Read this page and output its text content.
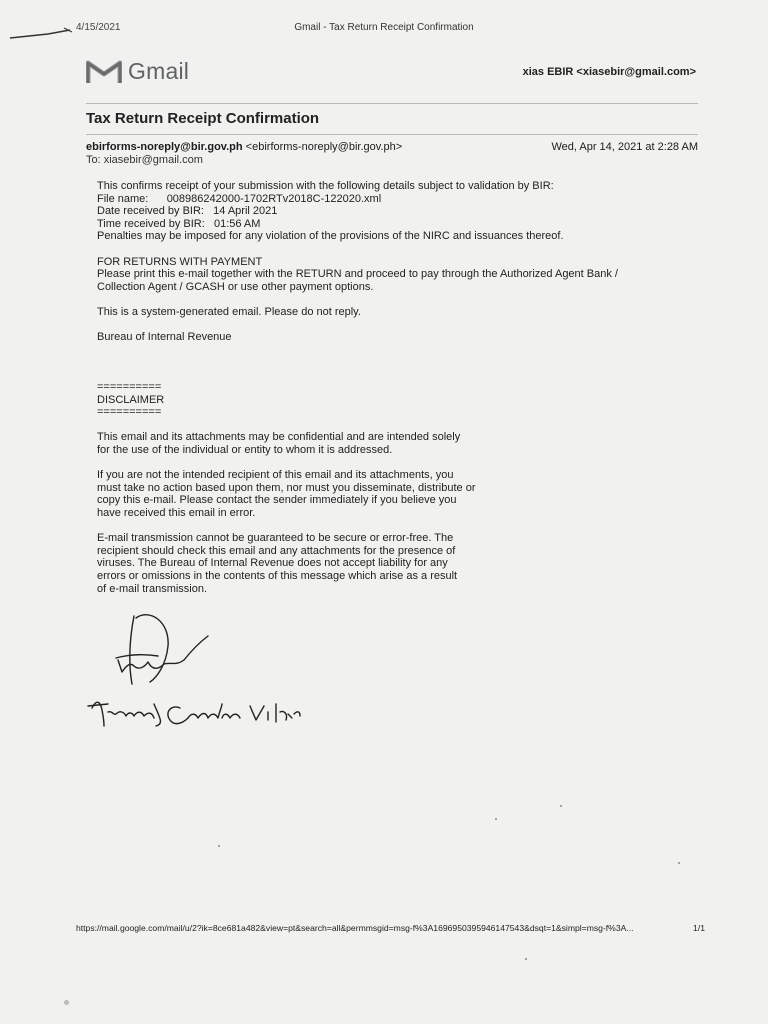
4/15/2021	Gmail - Tax Return Receipt Confirmation
Gmail	xias EBIR <xiasebir@gmail.com>
Tax Return Receipt Confirmation
ebirforms-noreply@bir.gov.ph <ebirforms-noreply@bir.gov.ph>
To: xiasebir@gmail.com
Wed, Apr 14, 2021 at 2:28 AM

This confirms receipt of your submission with the following details subject to validation by BIR:

File name:      008986242000-1702RTv2018C-122020.xml

Date received by BIR:   14 April 2021

Time received by BIR:   01:56 AM

Penalties may be imposed for any violation of the provisions of the NIRC and issuances thereof.

FOR RETURNS WITH PAYMENT

Please print this e-mail together with the RETURN and proceed to pay through the Authorized Agent Bank /

Collection Agent / GCASH or use other payment options.

This is a system-generated email. Please do not reply.

Bureau of Internal Revenue

==========

DISCLAIMER

==========

This email and its attachments may be confidential and are intended solely

for the use of the individual or entity to whom it is addressed.

If you are not the intended recipient of this email and its attachments, you

must take no action based upon them, nor must you disseminate, distribute or

copy this e-mail. Please contact the sender immediately if you believe you

have received this email in error.

E-mail transmission cannot be guaranteed to be secure or error-free. The

recipient should check this email and any attachments for the presence of

viruses. The Bureau of Internal Revenue does not accept liability for any

errors or omissions in the contents of this message which arise as a result

of e-mail transmission.

https://mail.google.com/mail/u/2?ik=8ce681a482&view=pt&search=all&permmsgid=msg-f%3A1696950395946147543&dsqt=1&simpl=msg-f%3A...	1/1
